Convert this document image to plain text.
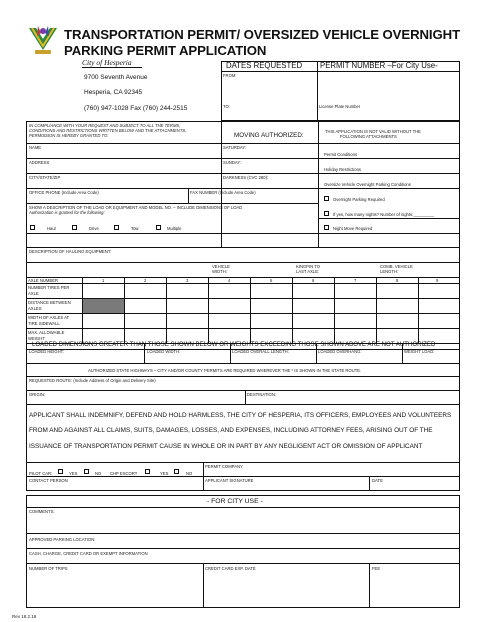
TRANSPORTATION PERMIT/ OVERSIZED VEHICLE OVERNIGHT
PARKING PERMIT APPLICATION
City of Hesperia
9700 Seventh Avenue
Hesperia, CA 92345
(760) 947-1028 Fax (760) 244-2515
DATES REQUESTED PERMIT NUMBER –For City Use-
FROM:
TO:	License Plate Number
IN COMPLIANCE WITH YOUR REQUEST AND SUBJECT TO ALL THE TERMS,
CONDITIONS AND RESTRICTIONS WRITTEN BELOW AND THE ATTACHMENTS,
PERMISSION IS HEREBY GRANTED TO:	MOVING AUTHORIZED:
THIS APPLICATION IS NOT VALID WITHOUT THE
FOLLOWING ATTACHMENTS
NAME	SATURDAY:
Permit Conditions
ADDRESS	SUNDAY:
Holiday Restrictions
CITY/STATE/ZIP	DARKNESS (CVC 280):
Oversize Vehicle Overnight Parking Conditions
OFFICE PHONE (Include Area Code)	FAX NUMBER (Include Area Code)
Overnight Parking Required
SHOW A DESCRIPTION OF THE LOAD OR EQUIPMENT AND MODEL NO. – INCLUDE DIMENSIONS OF LOAD
Authorization is granted for the following:	If yes, how many nights? Number of nights:_________
Haul	Drive	Tow	Multiple	Night Move Required
DESCRIPTION OF HAULING EQUIPMENT:
VEHICLE
WIDTH:
KINGPIN TO
LAST AXLE:
COMB. VEHICLE
LENGTH:
AXLE NUMBER	1	2	3	4	5	6	7	8	9
NUMBER TIRES PER
AXLE
DISTANCE BETWEEN
AXLES
WIDTH OF AXLES AT
TIRE SIDEWALL
MAX. ALLOWABLE
WEIGHT
LOADED DIMENSIONS GREATER THAN THOSE SHOWN BELOW OR WEIGHTS EXCEEDING THOSE SHOWN ABOVE ARE NOT AUTHORIZED
LOADED HEIGHT:	LOADED WIDTH:	LOADED OVERALL LENGTH:	LOADED OVERHANG:	WEIGHT LOAD:
AUTHORIZED STATE HIGHWAYS – CITY AND/OR COUNTY PERMITS ARE REQUIRED WHEREVER THE * IS SHOWN IN THE STATE ROUTE.
REQUESTED ROUTE: (Include Address of Origin and Delivery Site)
ORIGIN:	DESTINATION:
APPLICANT SHALL INDEMNIFY, DEFEND AND HOLD HARMLESS, THE CITY OF HESPERIA, ITS OFFICERS, EMPLOYEES AND VOLUNTEERS
FROM AND AGAINST ALL CLAIMS, SUITS, DAMAGES, LOSSES, AND EXPENSES, INCLUDING ATTORNEY FEES, ARISING OUT OF THE
ISSUANCE OF TRANSPORTATION PERMIT CAUSE IN WHOLE OR IN PART BY ANY NEGLIGENT ACT OR OMISSION OF APPLICANT
PERMIT COMPANY
PILOT CAR:	YES	NO CHP ESCORT	YES	NO
CONTACT PERSON	APPLICANT SIGNATURE	DATE
- FOR CITY USE -
COMMENTS:
APPROVED PARKING LOCATION:
CASH, CHARGE, CREDIT CARD OR EXEMPT INFORMATION
NUMBER OF TRIPS	CREDIT CARD EXP. DATE	FEE
Rev 18.2.18
